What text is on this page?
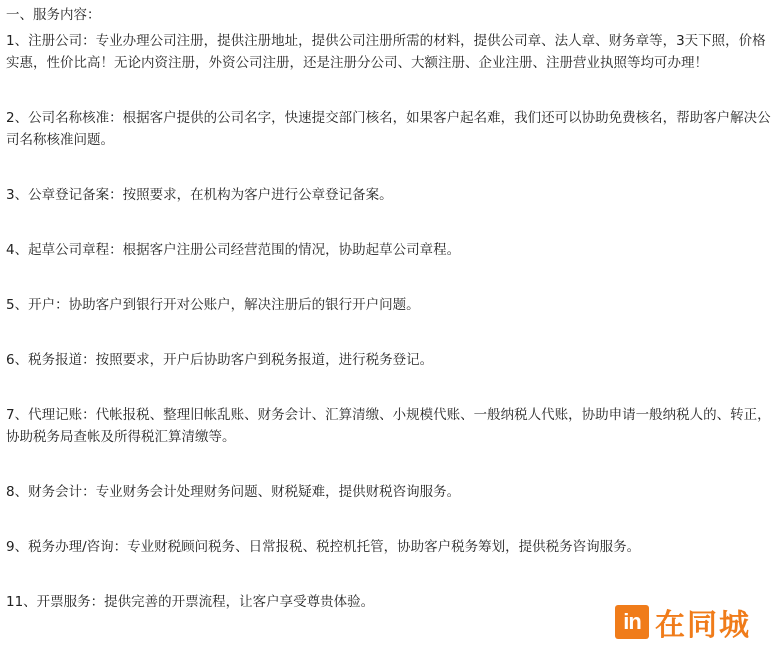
一、服务内容：

1、注册公司：专业办理公司注册，提供注册地址，提供公司注册所需的材料，提供公司章、法人章、财务章等，3天下照，价格实惠，性价比高！无论内资注册，外资公司注册，还是注册分公司、大额注册、企业注册、注册营业执照等均可办理！

2、公司名称核准：根据客户提供的公司名字，快速提交部门核名，如果客户起名难，我们还可以协助免费核名，帮助客户解决公司名称核准问题。

3、公章登记备案：按照要求，在机构为客户进行公章登记备案。

4、起草公司章程：根据客户注册公司经营范围的情况，协助起草公司章程。

5、开户：协助客户到银行开对公账户，解决注册后的银行开户问题。

6、税务报道：按照要求，开户后协助客户到税务报道，进行税务登记。

7、代理记账：代帐报税、整理旧帐乱账、财务会计、汇算清缴、小规模代账、一般纳税人代账，协助申请一般纳税人的、转正，协助税务局查帐及所得税汇算清缴等。

8、财务会计：专业财务会计处理财务问题、财税疑难，提供财税咨询服务。

9、税务办理/咨询：专业财税顾问税务、日常报税、税控机托管，协助客户税务筹划，提供税务咨询服务。

11、开票服务：提供完善的开票流程，让客户享受尊贵体验。

in 在同城
